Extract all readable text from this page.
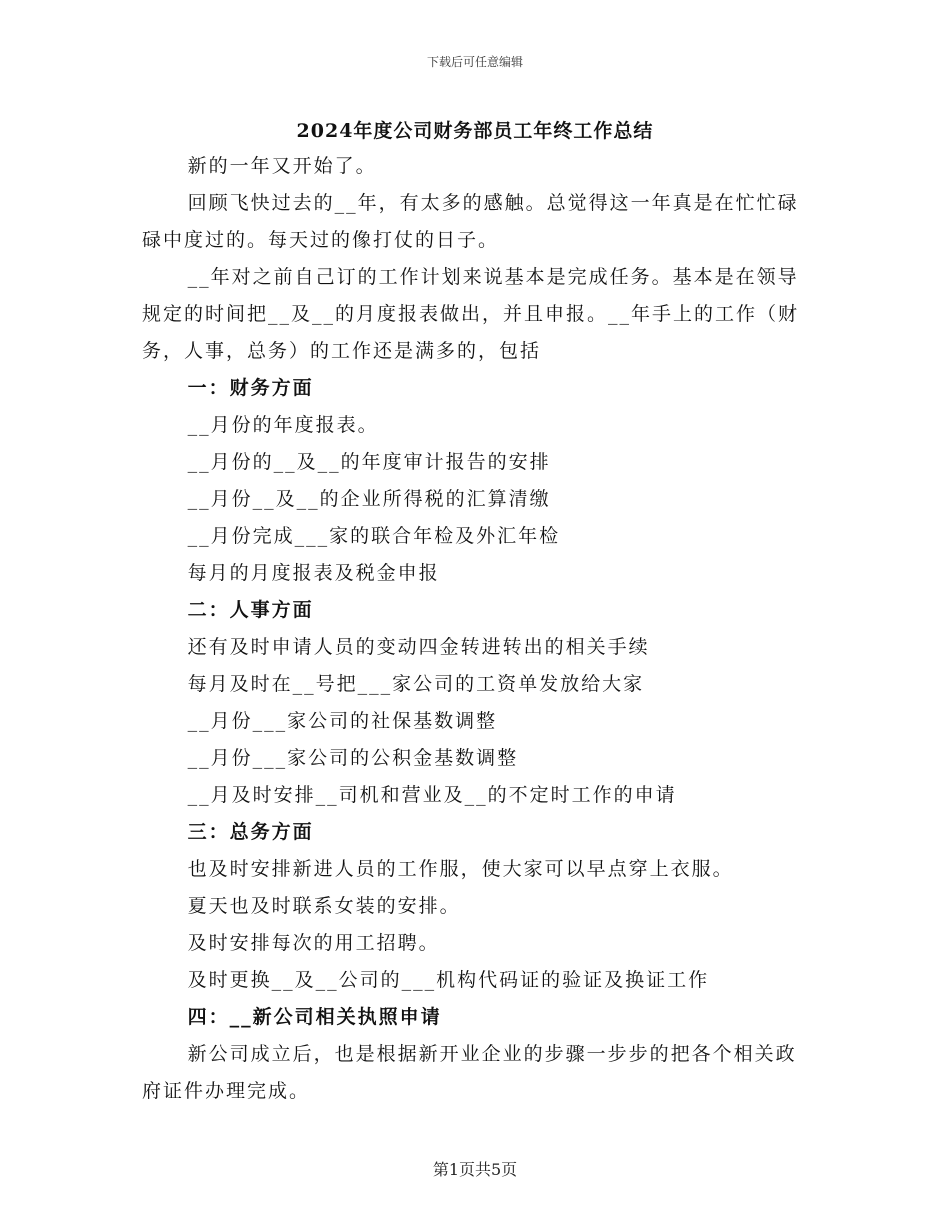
下载后可任意编辑
2024年度公司财务部员工年终工作总结

新的一年又开始了。

回顾飞快过去的__年，有太多的感触。总觉得这一年真是在忙忙碌碌中度过的。每天过的像打仗的日子。

__年对之前自己订的工作计划来说基本是完成任务。基本是在领导规定的时间把__及__的月度报表做出，并且申报。__年手上的工作（财务，人事，总务）的工作还是满多的，包括

一：财务方面

__月份的年度报表。

__月份的__及__的年度审计报告的安排

__月份__及__的企业所得税的汇算清缴

__月份完成___家的联合年检及外汇年检

每月的月度报表及税金申报

二：人事方面

还有及时申请人员的变动四金转进转出的相关手续

每月及时在__号把___家公司的工资单发放给大家

__月份___家公司的社保基数调整

__月份___家公司的公积金基数调整

__月及时安排__司机和营业及__的不定时工作的申请

三：总务方面

也及时安排新进人员的工作服，使大家可以早点穿上衣服。

夏天也及时联系女装的安排。

及时安排每次的用工招聘。

及时更换__及__公司的___机构代码证的验证及换证工作

四：__新公司相关执照申请

新公司成立后，也是根据新开业企业的步骤一步步的把各个相关政府证件办理完成。

第1页共5页
